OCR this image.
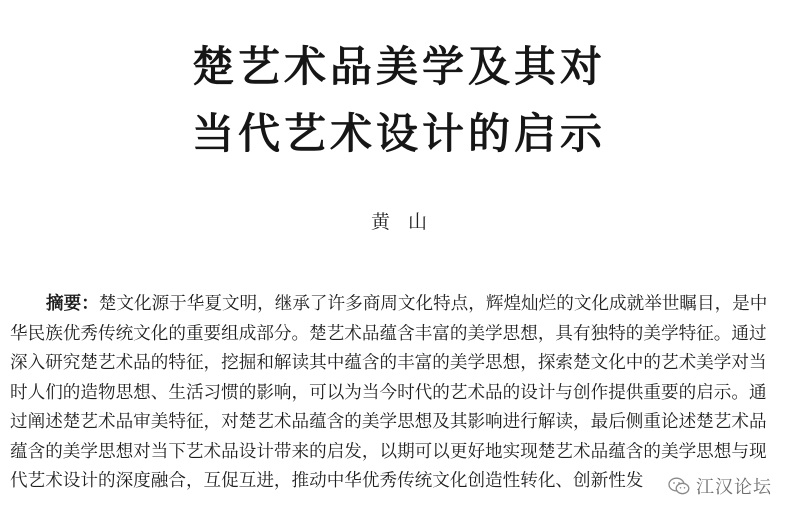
楚艺术品美学及其对
当代艺术设计的启示
黄山
摘要：楚文化源于华夏文明，继承了许多商周文化特点，辉煌灿烂的文化成就举世瞩目，是中
华民族优秀传统文化的重要组成部分。楚艺术品蕴含丰富的美学思想，具有独特的美学特征。通过
深入研究楚艺术品的特征，挖掘和解读其中蕴含的丰富的美学思想，探索楚文化中的艺术美学对当
时人们的造物思想、生活习惯的影响，可以为当今时代的艺术品的设计与创作提供重要的启示。通
过阐述楚艺术品审美特征，对楚艺术品蕴含的美学思想及其影响进行解读，最后侧重论述楚艺术品
蕴含的美学思想对当下艺术品设计带来的启发，以期可以更好地实现楚艺术品蕴含的美学思想与现
代艺术设计的深度融合，互促互进，推动中华优秀传统文化创造性转化、创新性发	江汉论坛
